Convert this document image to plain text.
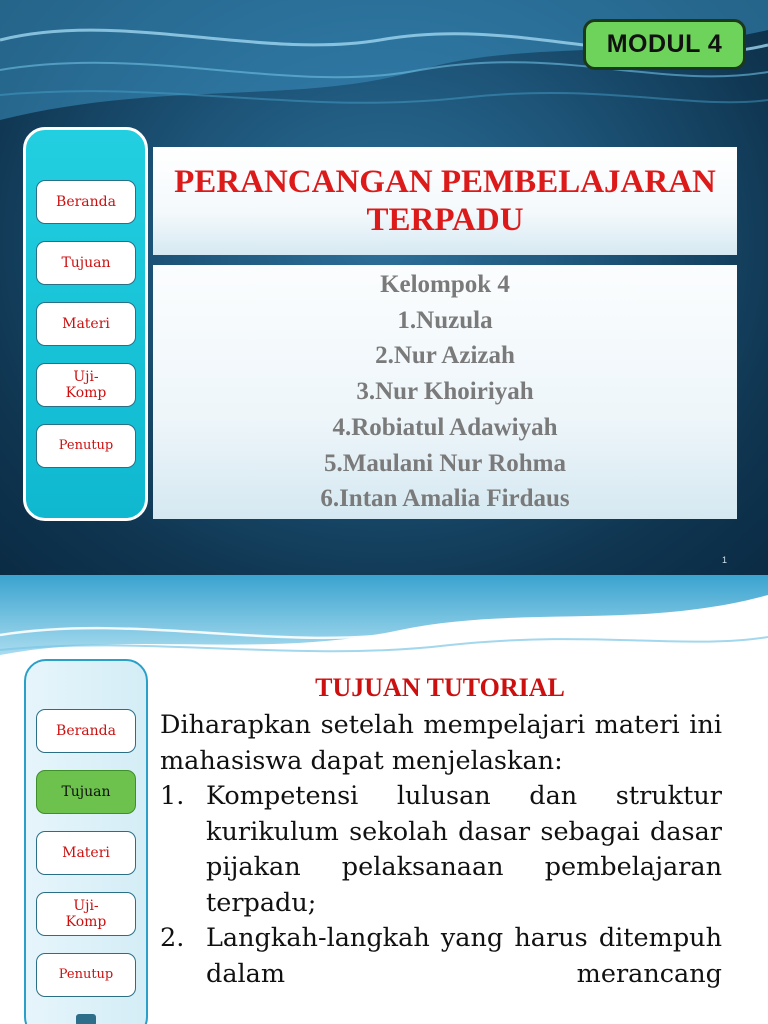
MODUL 4
Beranda
Tujuan
Materi
Uji-Komp
Penutup
PERANCANGAN PEMBELAJARAN
TERPADU
Kelompok 4
1.Nuzula
2.Nur Azizah
3.Nur Khoiriyah
4.Robiatul Adawiyah
5.Maulani Nur Rohma
6.Intan Amalia Firdaus
1
Beranda
Tujuan
Materi
Uji-Komp
Penutup
TUJUAN TUTORIAL

Diharapkan setelah mempelajari materi ini mahasiswa dapat menjelaskan:

1. Kompetensi lulusan dan struktur kurikulum sekolah dasar sebagai dasar pijakan pelaksanaan pembelajaran terpadu;
2. Langkah-langkah yang harus ditempuh dalam merancang
